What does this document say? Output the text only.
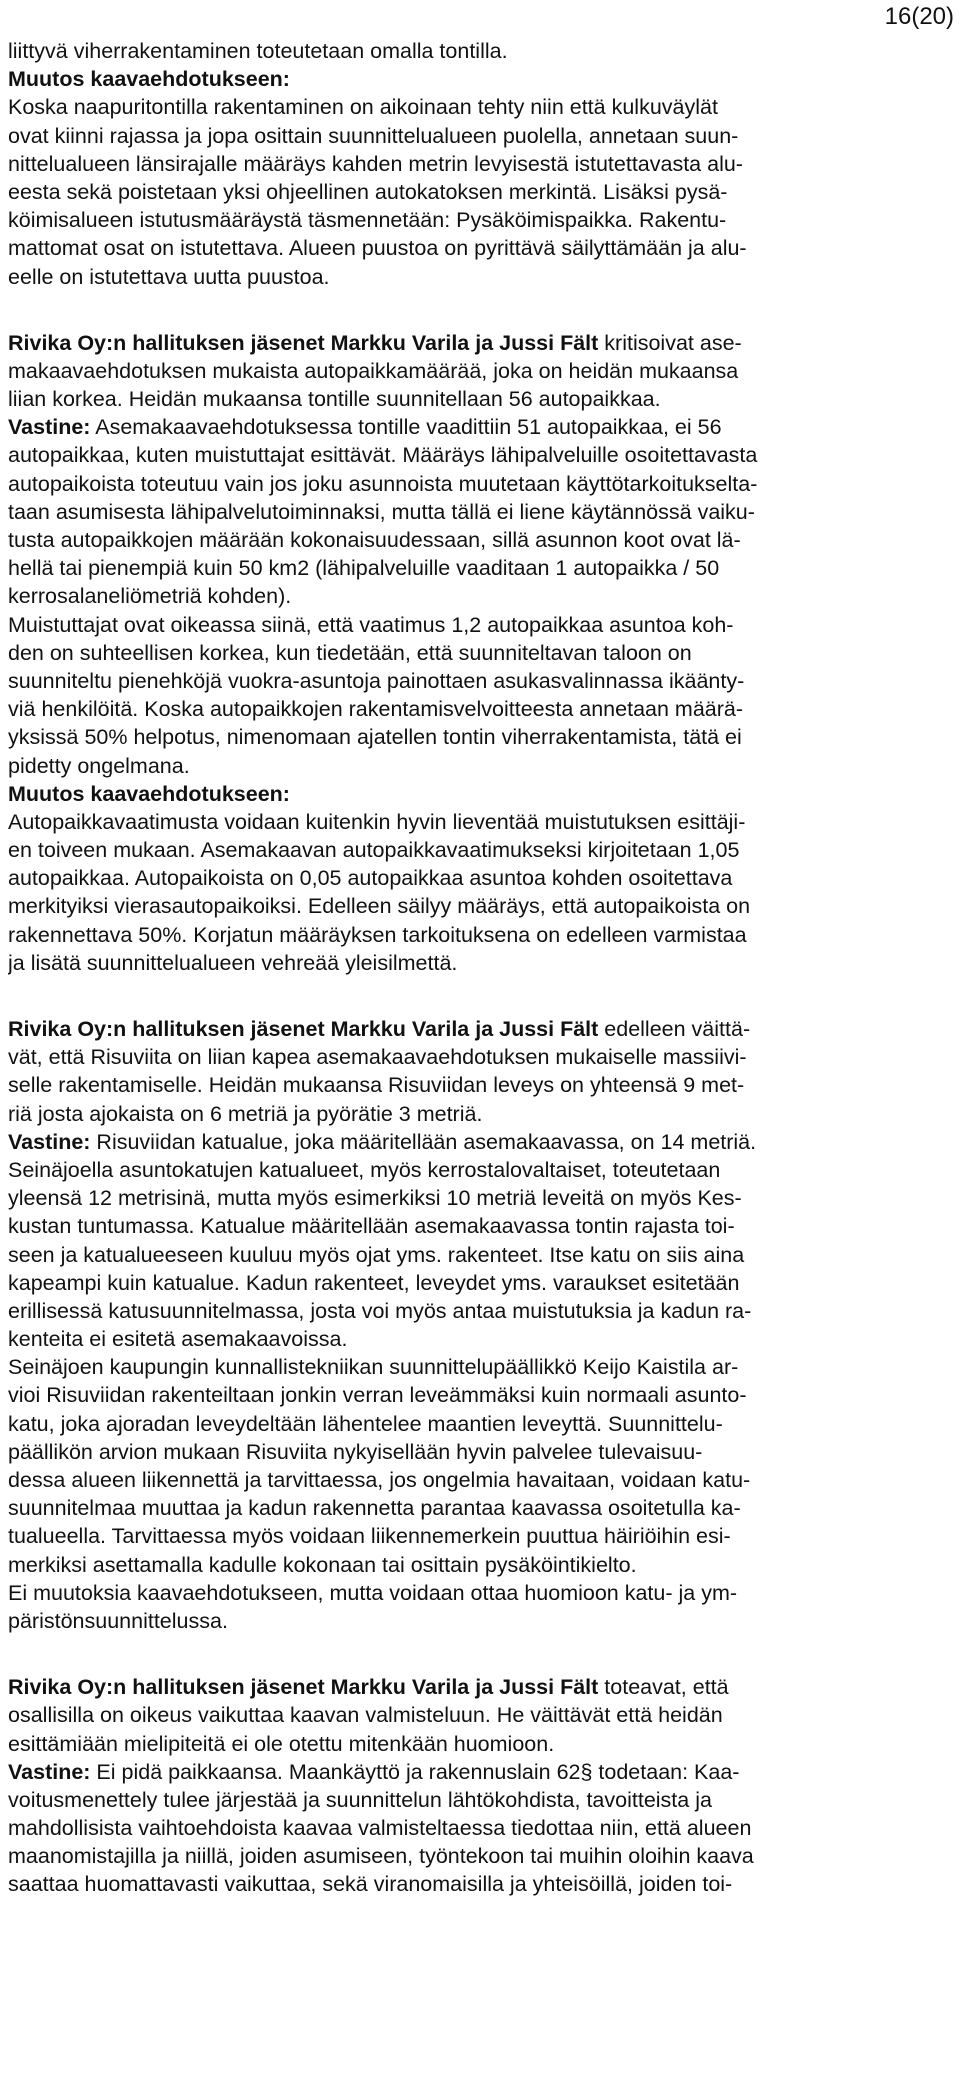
16(20)
liittyvä viherrakentaminen toteutetaan omalla tontilla.
Muutos kaavaehdotukseen:
Koska naapuritontilla rakentaminen on aikoinaan tehty niin että kulkuväylät
ovat kiinni rajassa ja jopa osittain suunnittelualueen puolella, annetaan suun-
nittelualueen länsirajalle määräys kahden metrin levyisestä istutettavasta alu-
eesta sekä poistetaan yksi ohjeellinen autokatoksen merkintä. Lisäksi pysä-
köimisalueen istutusmääräystä täsmennetään: Pysäköimispaikka. Rakentu-
mattomat osat on istutettava. Alueen puustoa on pyrittävä säilyttämään ja alu-
eelle on istutettava uutta puustoa.
Rivika Oy:n hallituksen jäsenet Markku Varila ja Jussi Fält kritisoivat ase-
makaavaehdotuksen mukaista autopaikkamäärää, joka on heidän mukaansa
liian korkea. Heidän mukaansa tontille suunnitellaan 56 autopaikkaa.
Vastine: Asemakaavaehdotuksessa tontille vaadittiin 51 autopaikkaa, ei 56
autopaikkaa, kuten muistuttajat esittävät. Määräys lähipalveluille osoitettavasta
autopaikoista toteutuu vain jos joku asunnoista muutetaan käyttötarkoitukselta-
taan asumisesta lähipalvelutoiminnaksi, mutta tällä ei liene käytännössä vaiku-
tusta autopaikkojen määrään kokonaisuudessaan, sillä asunnon koot ovat lä-
hellä tai pienempiä kuin 50 km2 (lähipalveluille vaaditaan 1 autopaikka / 50
kerrosalaneliömetriä kohden).
Muistuttajat ovat oikeassa siinä, että vaatimus 1,2 autopaikkaa asuntoa koh-
den on suhteellisen korkea, kun tiedetään, että suunniteltavan taloon on
suunniteltu pienehköjä vuokra-asuntoja painottaen asukasvalinnassa ikäänty-
viä henkilöitä. Koska autopaikkojen rakentamisvelvoitteesta annetaan määrä-
yksissä 50% helpotus, nimenomaan ajatellen tontin viherrakentamista, tätä ei
pidetty ongelmana.
Muutos kaavaehdotukseen:
Autopaikkavaatimusta voidaan kuitenkin hyvin lieventää muistutuksen esittäji-
en toiveen mukaan. Asemakaavan autopaikkavaatimukseksi kirjoitetaan 1,05
autopaikkaa. Autopaikoista on 0,05 autopaikkaa asuntoa kohden osoitettava
merkityiksi vierasautopaikoiksi. Edelleen säilyy määräys, että autopaikoista on
rakennettava 50%. Korjatun määräyksen tarkoituksena on edelleen varmistaa
ja lisätä suunnittelualueen vehreää yleisilmettä.
Rivika Oy:n hallituksen jäsenet Markku Varila ja Jussi Fält edelleen väittä-
vät, että Risuviita on liian kapea asemakaavaehdotuksen mukaiselle massiivi-
selle rakentamiselle. Heidän mukaansa Risuviidan leveys on yhteensä 9 met-
riä josta ajokaista on 6 metriä ja pyörätie 3 metriä.
Vastine: Risuviidan katualue, joka määritellään asemakaavassa, on 14 metriä.
Seinäjoella asuntokatujen katualueet, myös kerrostalovaltaiset, toteutetaan
yleensä 12 metrisinä, mutta myös esimerkiksi 10 metriä leveitä on myös Kes-
kustan tuntumassa. Katualue määritellään asemakaavassa tontin rajasta toi-
seen ja katualueeseen kuuluu myös ojat yms. rakenteet. Itse katu on siis aina
kapeampi kuin katualue. Kadun rakenteet, leveydet yms. varaukset esitetään
erillisessä katusuunnitelmassa, josta voi myös antaa muistutuksia ja kadun ra-
kenteita ei esitetä asemakaavoissa.
Seinäjoen kaupungin kunnallistekniikan suunnittelupäällikkö Keijo Kaistila ar-
vioi Risuviidan rakenteiltaan jonkin verran leveämmäksi kuin normaali asunto-
katu, joka ajoradan leveydeltään lähentelee maantien leveyttä. Suunnittelu-
päällikön arvion mukaan Risuviita nykyisellään hyvin palvelee tulevaisuu-
dessa alueen liikennettä ja tarvittaessa, jos ongelmia havaitaan, voidaan katu-
suunnitelmaa muuttaa ja kadun rakennetta parantaa kaavassa osoitetulla ka-
tualueella. Tarvittaessa myös voidaan liikennemerkein puuttua häiriöihin esi-
merkiksi asettamalla kadulle kokonaan tai osittain pysäköintikielto.
Ei muutoksia kaavaehdotukseen, mutta voidaan ottaa huomioon katu- ja ym-
päristönsuunnittelussa.
Rivika Oy:n hallituksen jäsenet Markku Varila ja Jussi Fält toteavat, että
osallisilla on oikeus vaikuttaa kaavan valmisteluun. He väittävät että heidän
esittämiään mielipiteitä ei ole otettu mitenkään huomioon.
Vastine: Ei pidä paikkaansa. Maankäyttö ja rakennuslain 62§ todetaan: Kaa-
voitusmenettely tulee järjestää ja suunnittelun lähtökohdista, tavoitteista ja
mahdollisista vaihtoehdoista kaavaa valmisteltaessa tiedottaa niin, että alueen
maanomistajilla ja niillä, joiden asumiseen, työntekoon tai muihin oloihin kaava
saattaa huomattavasti vaikuttaa, sekä viranomaisilla ja yhteisöillä, joiden toi-
